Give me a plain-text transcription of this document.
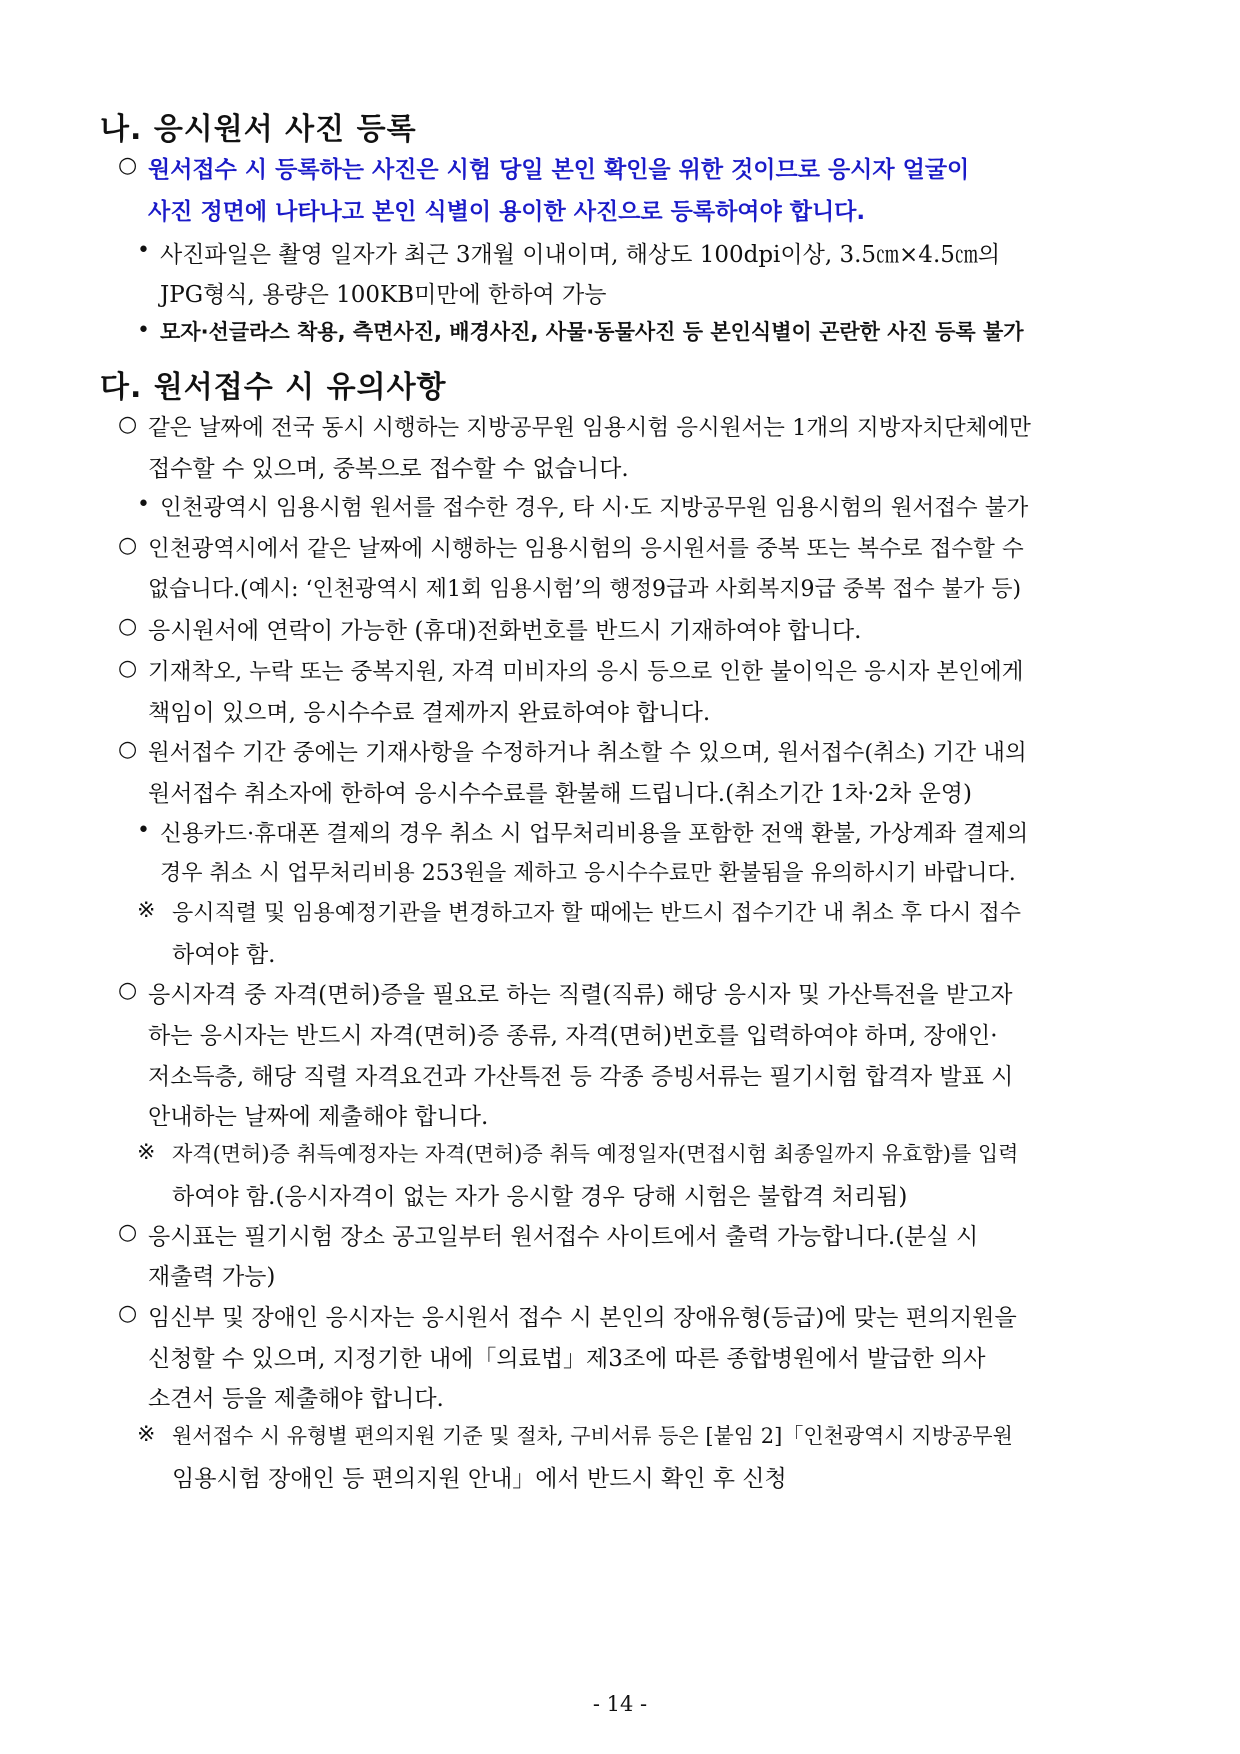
나. 응시원서 사진 등록
○ 원서접수 시 등록하는 사진은 시험 당일 본인 확인을 위한 것이므로 응시자 얼굴이
사진 정면에 나타나고 본인 식별이 용이한 사진으로 등록하여야 합니다.
• 사진파일은 촬영 일자가 최근 3개월 이내이며, 해상도 100dpi이상, 3.5㎝×4.5㎝의
JPG형식, 용량은 100KB미만에 한하여 가능
• 모자·선글라스 착용, 측면사진, 배경사진, 사물·동물사진 등 본인식별이 곤란한 사진 등록 불가
다. 원서접수 시 유의사항
○ 같은 날짜에 전국 동시 시행하는 지방공무원 임용시험 응시원서는 1개의 지방자치단체에만
접수할 수 있으며, 중복으로 접수할 수 없습니다.
• 인천광역시 임용시험 원서를 접수한 경우, 타 시·도 지방공무원 임용시험의 원서접수 불가
○ 인천광역시에서 같은 날짜에 시행하는 임용시험의 응시원서를 중복 또는 복수로 접수할 수
없습니다.(예시: ‘인천광역시 제1회 임용시험’의 행정9급과 사회복지9급 중복 접수 불가 등)
○ 응시원서에 연락이 가능한 (휴대)전화번호를 반드시 기재하여야 합니다.
○ 기재착오, 누락 또는 중복지원, 자격 미비자의 응시 등으로 인한 불이익은 응시자 본인에게
책임이 있으며, 응시수수료 결제까지 완료하여야 합니다.
○ 원서접수 기간 중에는 기재사항을 수정하거나 취소할 수 있으며, 원서접수(취소) 기간 내의
원서접수 취소자에 한하여 응시수수료를 환불해 드립니다.(취소기간 1차·2차 운영)
• 신용카드·휴대폰 결제의 경우 취소 시 업무처리비용을 포함한 전액 환불, 가상계좌 결제의
경우 취소 시 업무처리비용 253원을 제하고 응시수수료만 환불됨을 유의하시기 바랍니다.
※ 응시직렬 및 임용예정기관을 변경하고자 할 때에는 반드시 접수기간 내 취소 후 다시 접수
하여야 함.
○ 응시자격 중 자격(면허)증을 필요로 하는 직렬(직류) 해당 응시자 및 가산특전을 받고자
하는 응시자는 반드시 자격(면허)증 종류, 자격(면허)번호를 입력하여야 하며, 장애인·
저소득층, 해당 직렬 자격요건과 가산특전 등 각종 증빙서류는 필기시험 합격자 발표 시
안내하는 날짜에 제출해야 합니다.
※ 자격(면허)증 취득예정자는 자격(면허)증 취득 예정일자(면접시험 최종일까지 유효함)를 입력
하여야 함.(응시자격이 없는 자가 응시할 경우 당해 시험은 불합격 처리됨)
○ 응시표는 필기시험 장소 공고일부터 원서접수 사이트에서 출력 가능합니다.(분실 시
재출력 가능)
○ 임신부 및 장애인 응시자는 응시원서 접수 시 본인의 장애유형(등급)에 맞는 편의지원을
신청할 수 있으며, 지정기한 내에「의료법」제3조에 따른 종합병원에서 발급한 의사
소견서 등을 제출해야 합니다.
※ 원서접수 시 유형별 편의지원 기준 및 절차, 구비서류 등은 [붙임 2]「인천광역시 지방공무원
임용시험 장애인 등 편의지원 안내」에서 반드시 확인 후 신청
- 14 -
